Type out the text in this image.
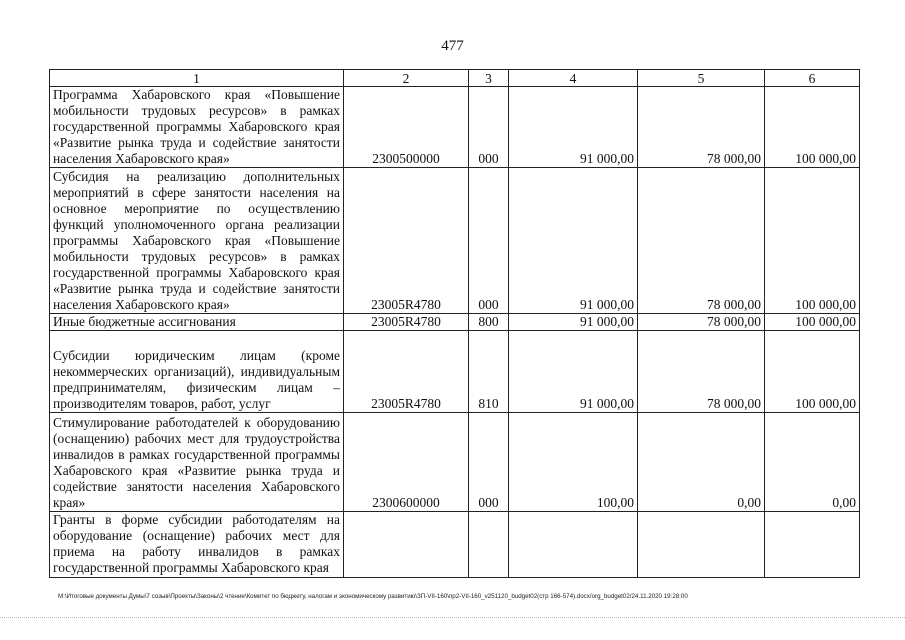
477
1	2	3	4	5	6
Программа Хабаровского края «Повышение мобильности трудовых ресурсов» в рамках государственной программы Хабаровского края «Развитие рынка труда и содействие занятости населения Хабаровского края»	2300500000	000	91 000,00	78 000,00	100 000,00
Субсидия на реализацию дополнительных мероприятий в сфере занятости населения на основное мероприятие по осуществлению функций уполномоченного органа реализации программы Хабаровского края «Повышение мобильности трудовых ресурсов» в рамках государственной программы Хабаровского края «Развитие рынка труда и содействие занятости населения Хабаровского края»	23005R4780	000	91 000,00	78 000,00	100 000,00
Иные бюджетные ассигнования	23005R4780	800	91 000,00	78 000,00	100 000,00
Субсидии юридическим лицам (кроме некоммерческих организаций), индивидуальным предпринимателям, физическим лицам – производителям товаров, работ, услуг	23005R4780	810	91 000,00	78 000,00	100 000,00
Стимулирование работодателей к оборудованию (оснащению) рабочих мест для трудоустройства инвалидов в рамках государственной программы Хабаровского края «Развитие рынка труда и содействие занятости населения Хабаровского края»	2300600000	000	100,00	0,00	0,00
Гранты в форме субсидии работодателям на оборудование (оснащение) рабочих мест для приема на работу инвалидов в рамках государственной программы Хабаровского края					
М:\Итоговые документы Думы\7 созыв\Проекты\Законы\2 чтение\Комитет по бюджету, налогам и экономическому развитию\ЗП-VII-160\пр2-VII-160_v251120_budget02(стр 166-574).docx/org_budget02/24.11.2020 19:28:00
